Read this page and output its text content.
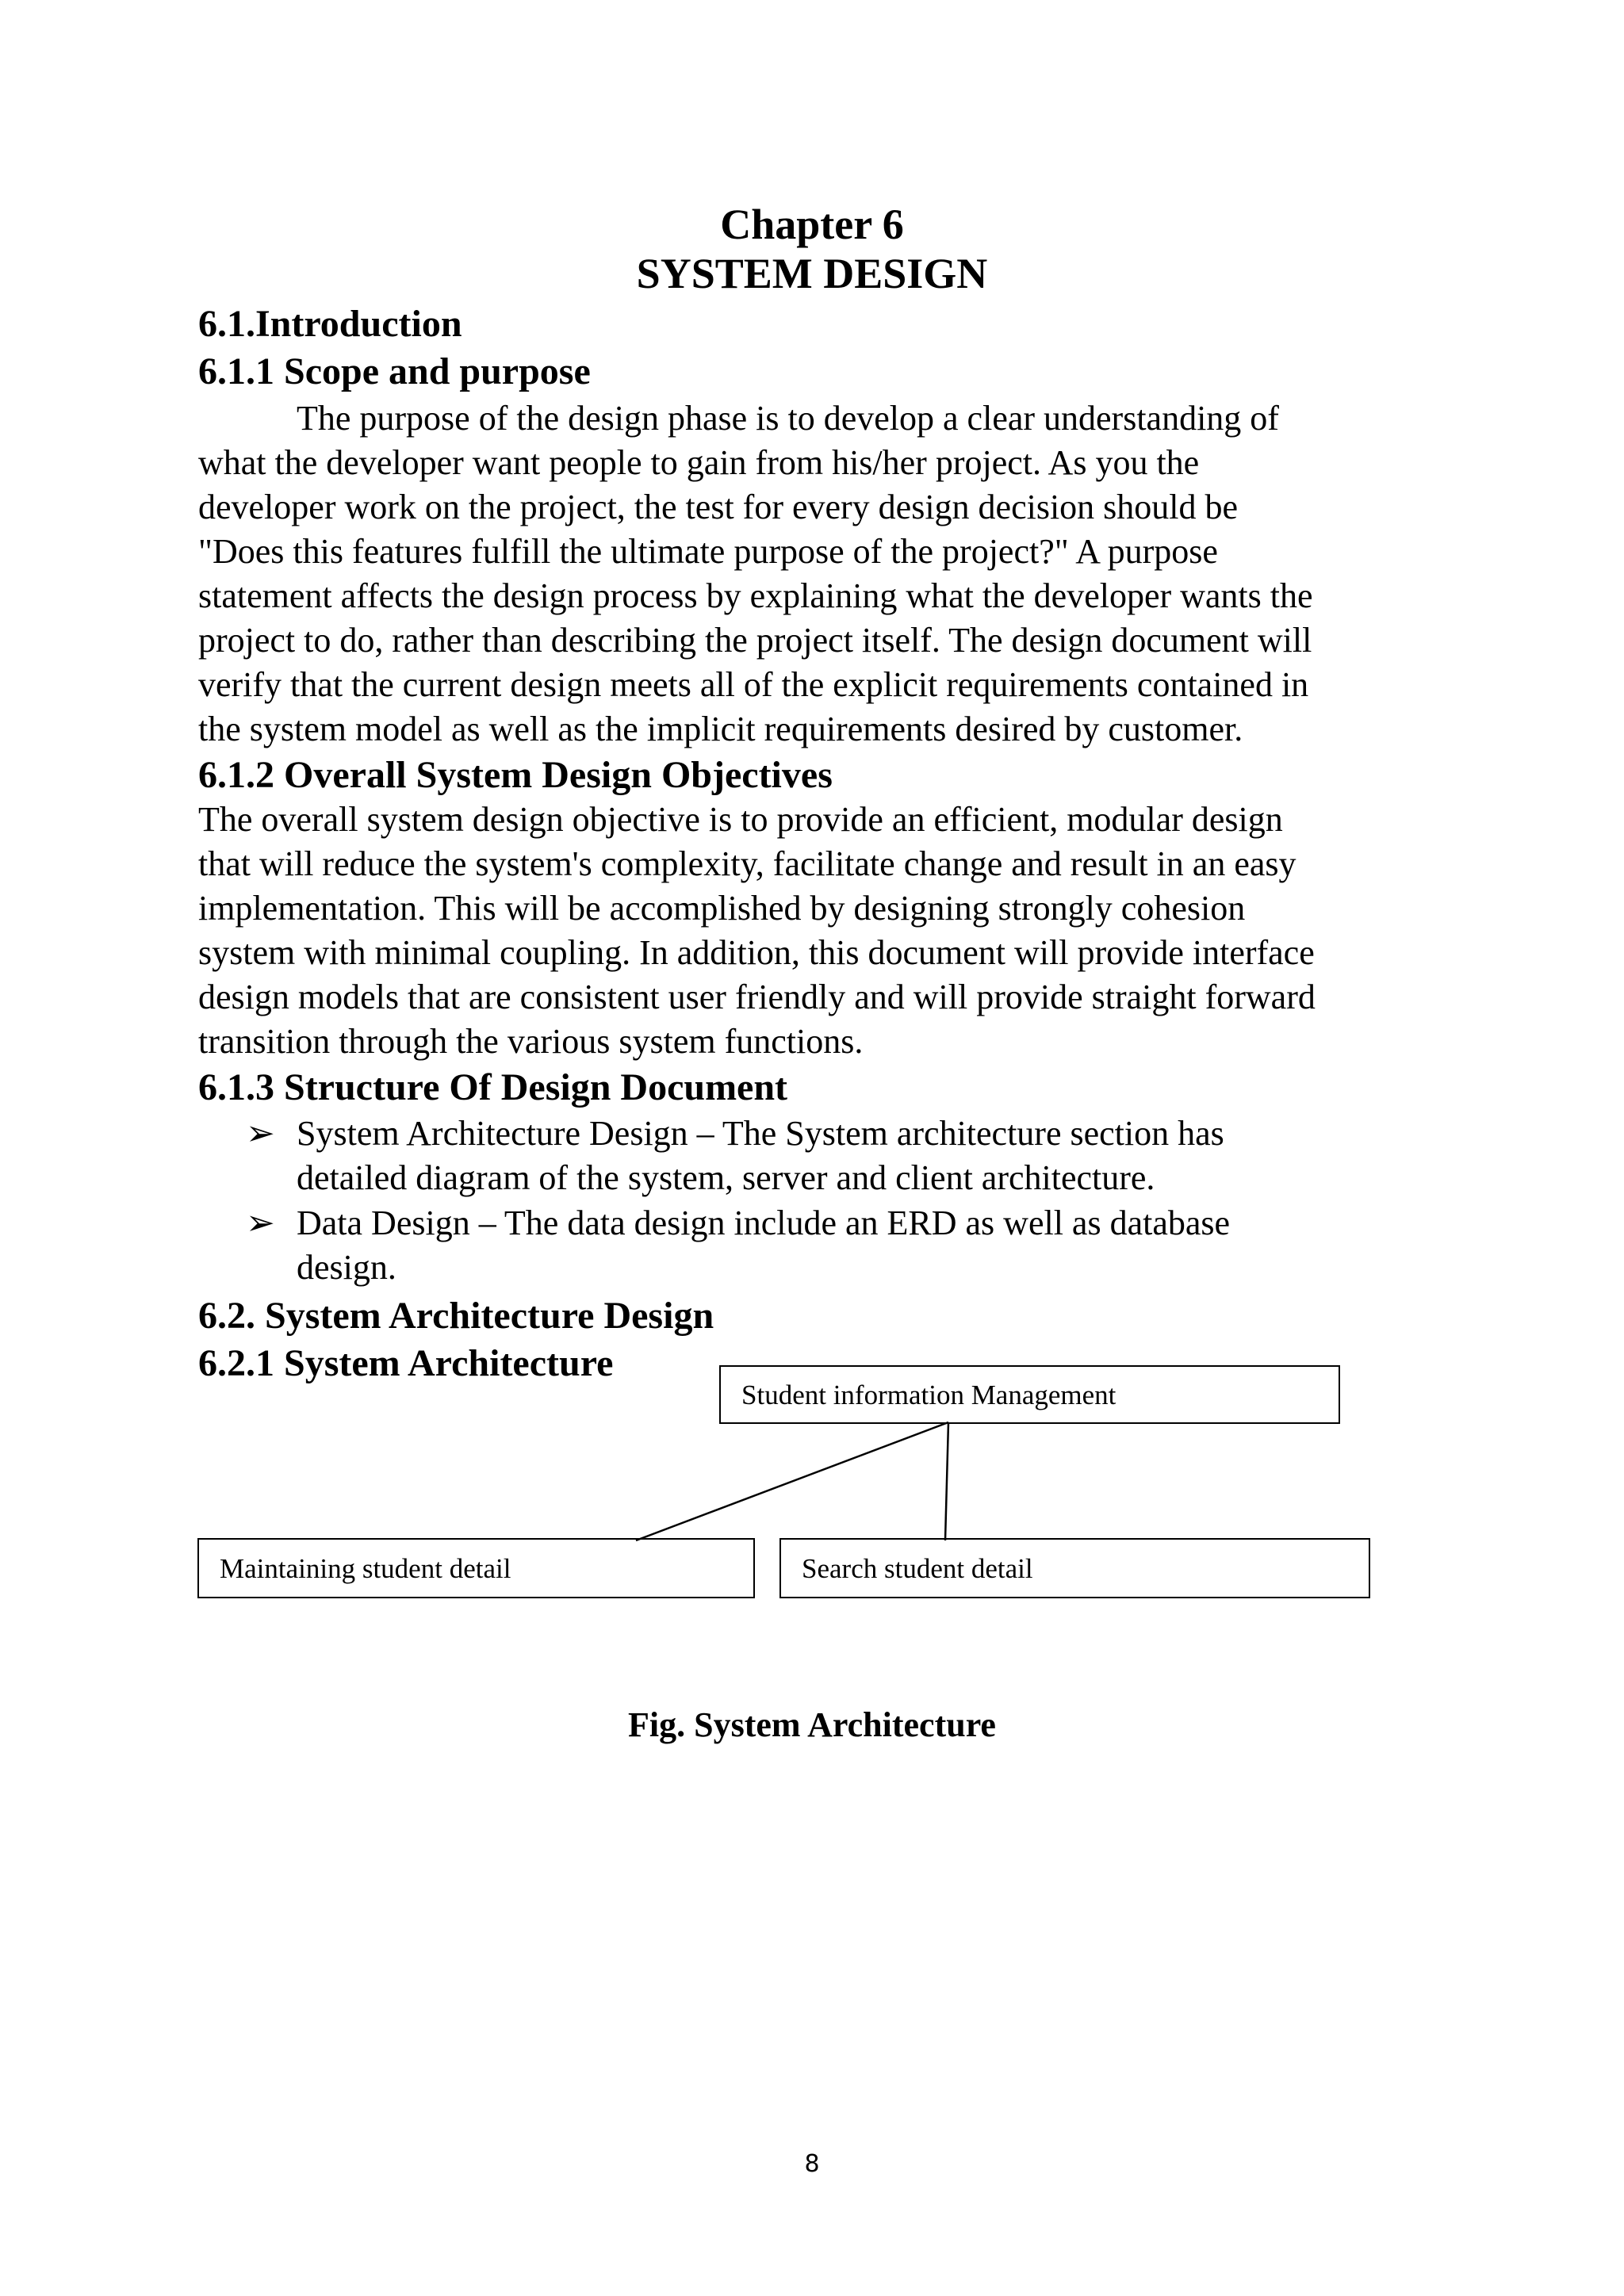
Chapter 6
SYSTEM DESIGN
6.1.Introduction
6.1.1 Scope and purpose

The purpose of the design phase is to develop a clear understanding of

what the developer want people to gain from his/her project. As you the

developer work on the project, the test for every design decision should be

"Does this features fulfill the ultimate purpose of the project?" A purpose

statement affects the design process by explaining what the developer wants the

project to do, rather than describing the project itself. The design document will

verify that the current design meets all of the explicit requirements contained in

the system model as well as the implicit requirements desired by customer.

6.1.2 Overall System Design Objectives

The overall system design objective is to provide an efficient, modular design

that will reduce the system's complexity, facilitate change and result in an easy

implementation. This will be accomplished by designing strongly cohesion

system with minimal coupling. In addition, this document will provide interface

design models that are consistent user friendly and will provide straight forward

transition through the various system functions.

6.1.3 Structure Of Design Document
➢ System Architecture Design – The System architecture section has
detailed diagram of the system, server and client architecture.
➢ Data Design – The data design include an ERD as well as database
design.
6.2. System Architecture Design
6.2.1 System Architecture
Student information Management
Maintaining student detail	Search student detail
Fig. System Architecture
8
